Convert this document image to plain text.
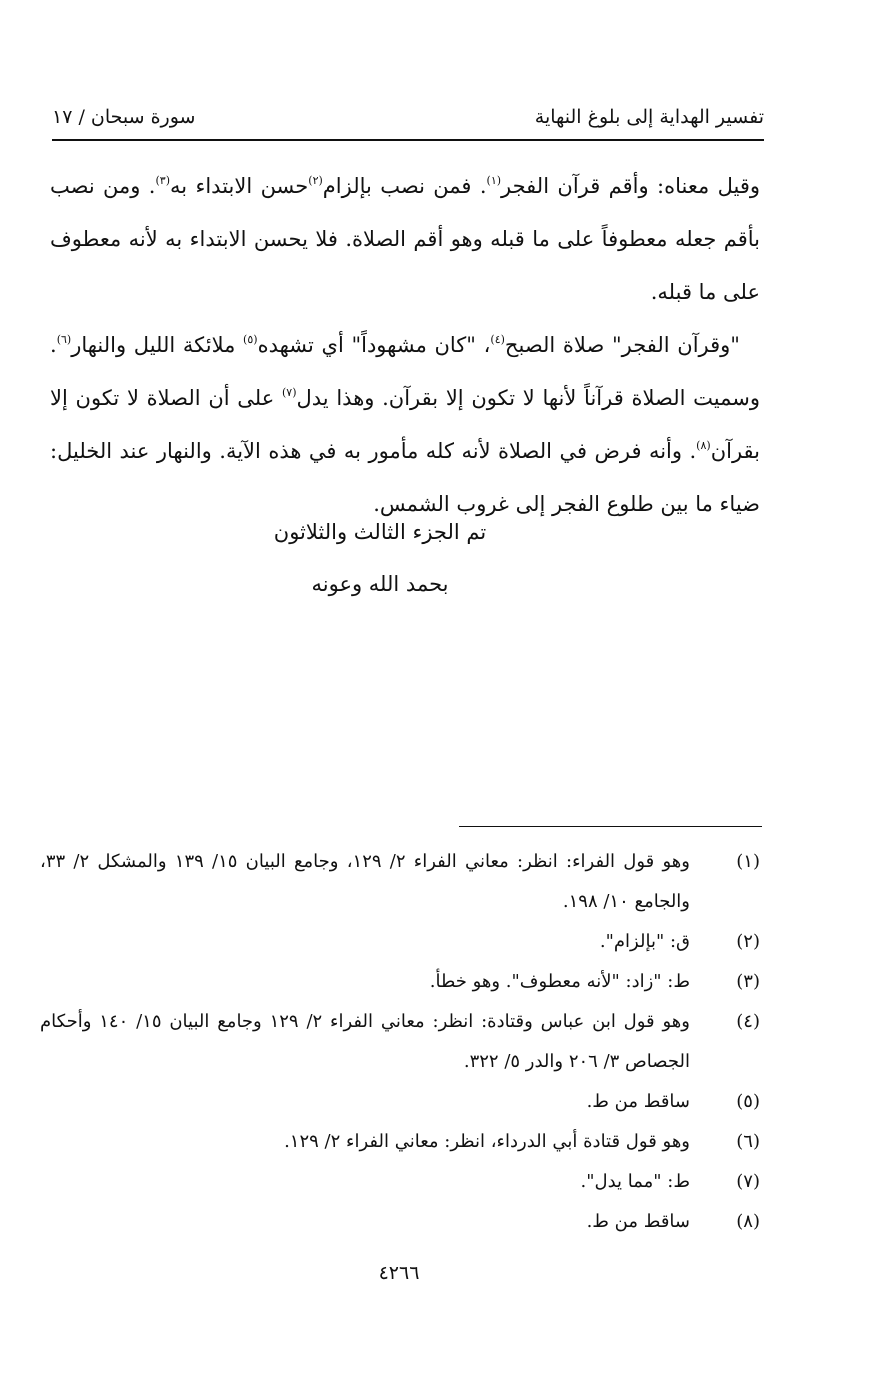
سورة سبحان / ١٧	تفسير الهداية إلى بلوغ النهاية

وقيل معناه: وأقم قرآن الفجر$^{(١)}$. فمن نصب بإلزام$^{(٢)}$حسن الابتداء به$^{(٣)}$. ومن نصب بأقم جعله معطوفاً على ما قبله وهو أقم الصلاة. فلا يحسن الابتداء به لأنه معطوف على ما قبله.

"وقرآن الفجر" صلاة الصبح$^{(٤)}$، "كان مشهوداً" أي تشهده$^{(٥)}$ ملائكة الليل والنهار$^{(٦)}$. وسميت الصلاة قرآناً لأنها لا تكون إلا بقرآن. وهذا يدل$^{(٧)}$ على أن الصلاة لا تكون إلا بقرآن$^{(٨)}$. وأنه فرض في الصلاة لأنه كله مأمور به في هذه الآية. والنهار عند الخليل: ضياء ما بين طلوع الفجر إلى غروب الشمس.

تم الجزء الثالث والثلاثون
بحمد الله وعونه
(١)
وهو قول الفراء: انظر: معاني الفراء ٢/ ١٢٩، وجامع البيان ١٥/ ١٣٩ والمشكل ٢/ ٣٣، والجامع ١٠/ ١٩٨.
(٢)
ق: "بإلزام".
(٣)
ط: "زاد: "لأنه معطوف". وهو خطأ.
(٤)
وهو قول ابن عباس وقتادة: انظر: معاني الفراء ٢/ ١٢٩ وجامع البيان ١٥/ ١٤٠ وأحكام الجصاص ٣/ ٢٠٦ والدر ٥/ ٣٢٢.
(٥)
ساقط من ط.
(٦)
وهو قول قتادة أبي الدرداء، انظر: معاني الفراء ٢/ ١٢٩.
(٧)
ط: "مما يدل".
(٨)
ساقط من ط.
٤٢٦٦
